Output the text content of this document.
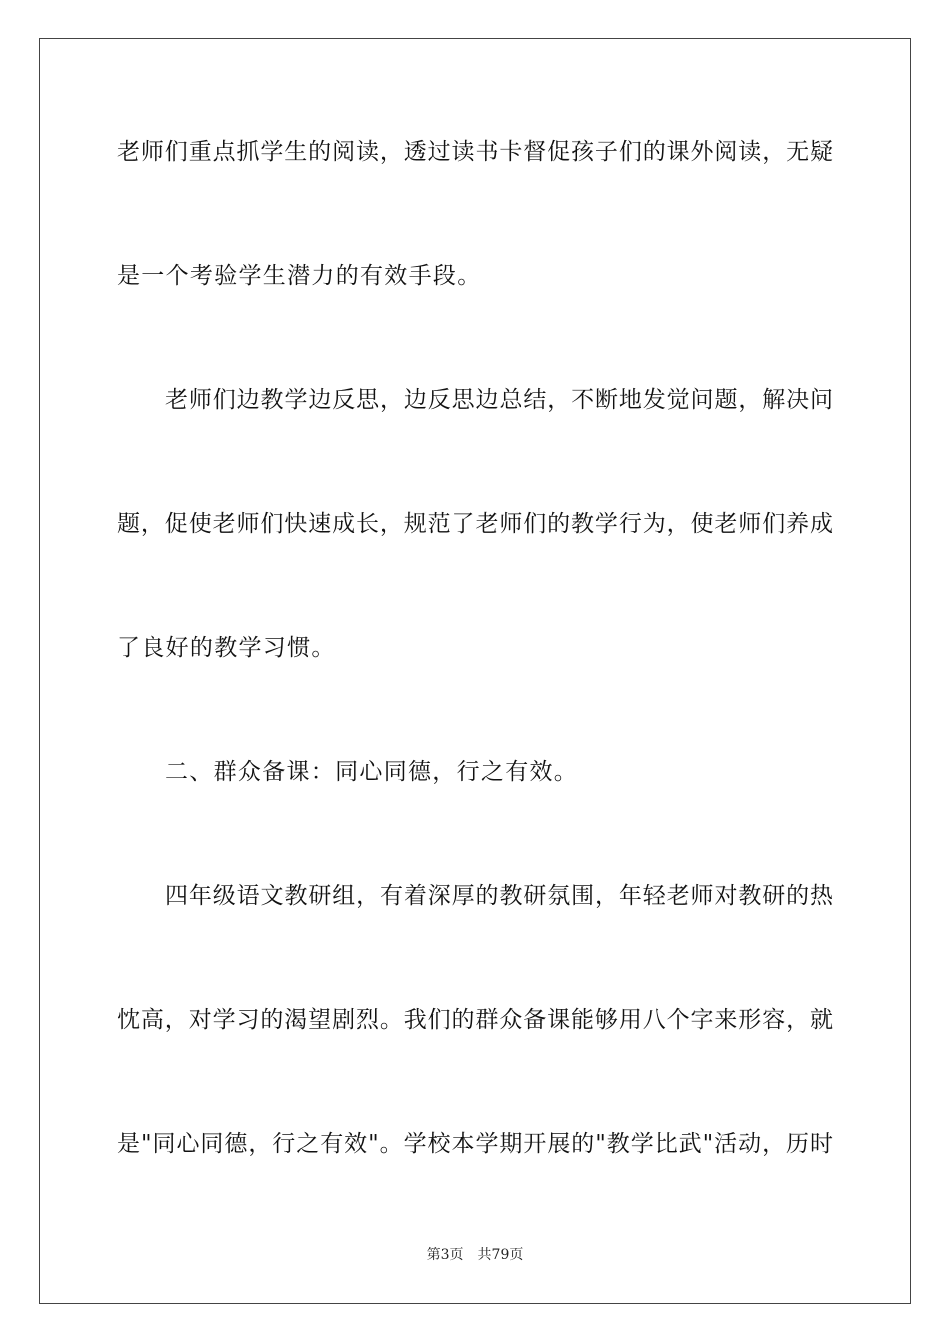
老师们重点抓学生的阅读，透过读书卡督促孩子们的课外阅读，无疑
是一个考验学生潜力的有效手段。
老师们边教学边反思，边反思边总结，不断地发觉问题，解决问
题，促使老师们快速成长，规范了老师们的教学行为，使老师们养成
了良好的教学习惯。
二、群众备课：同心同德，行之有效。
四年级语文教研组，有着深厚的教研氛围，年轻老师对教研的热
忱高，对学习的渴望剧烈。我们的群众备课能够用八个字来形容，就
是"同心同德，行之有效"。学校本学期开展的"教学比武"活动，历时
第3页 共79页
